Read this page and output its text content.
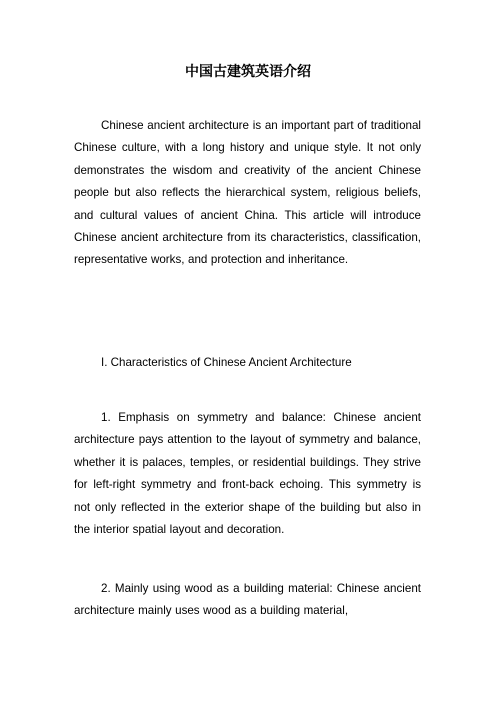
中国古建筑英语介绍

Chinese ancient architecture is an important part of traditional Chinese culture, with a long history and unique style. It not only demonstrates the wisdom and creativity of the ancient Chinese people but also reflects the hierarchical system, religious beliefs, and cultural values of ancient China. This article will introduce Chinese ancient architecture from its characteristics, classification, representative works, and protection and inheritance.

I. Characteristics of Chinese Ancient Architecture

1. Emphasis on symmetry and balance: Chinese ancient architecture pays attention to the layout of symmetry and balance, whether it is palaces, temples, or residential buildings. They strive for left-right symmetry and front-back echoing. This symmetry is not only reflected in the exterior shape of the building but also in the interior spatial layout and decoration.

2. Mainly using wood as a building material: Chinese ancient architecture mainly uses wood as a building material,
